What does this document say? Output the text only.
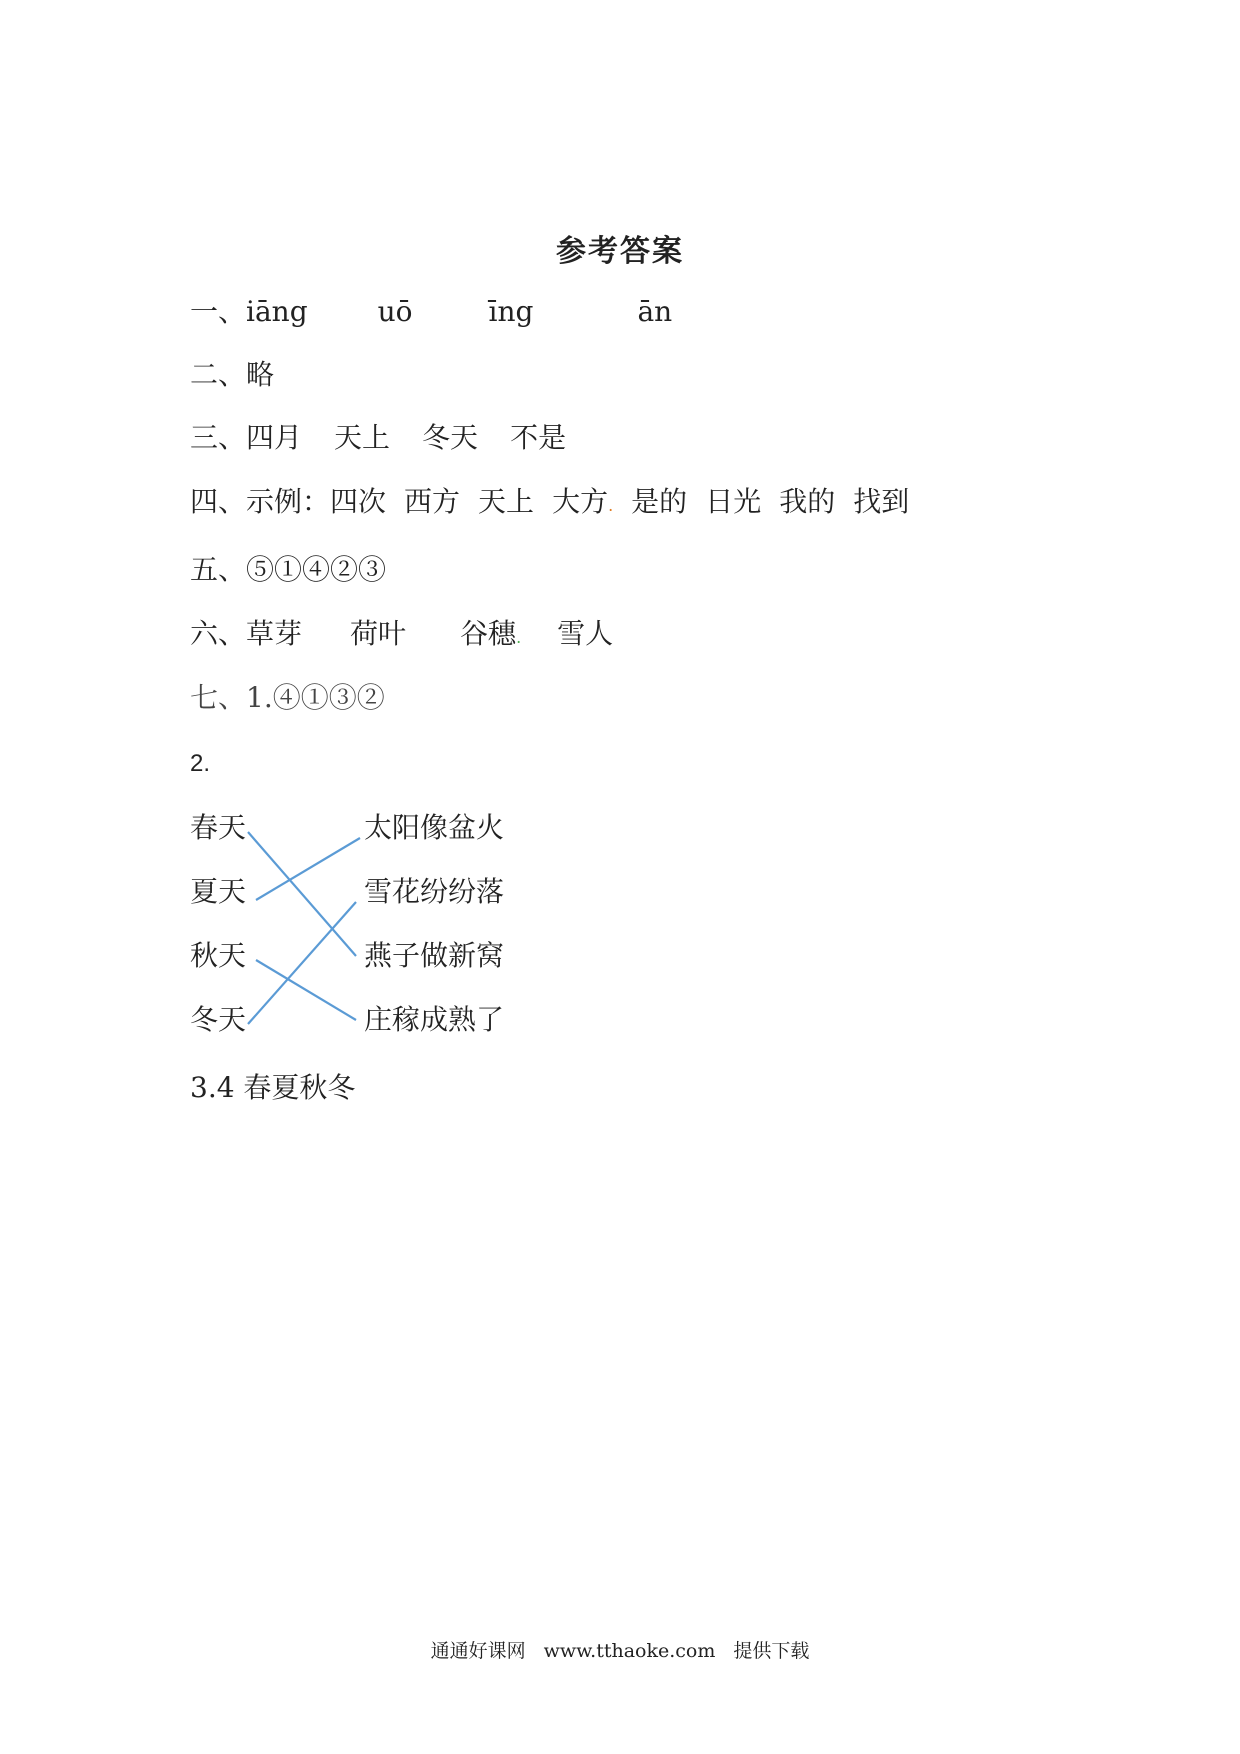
参考答案
一、iāng	uō	īng	ān
二、略
三、四月 天上 冬天 不是
四、示例：四次 西方 天上 大方. 是的 日光 我的 找到
五、⑤①④②③
六、草芽 荷叶 谷穗. 雪人
七、1.④①③②
2.
春天
夏天
秋天
冬天
太阳像盆火
雪花纷纷落
燕子做新窝
庄稼成熟了
3.4 春夏秋冬
通通好课网 www.tthaoke.com 提供下载
